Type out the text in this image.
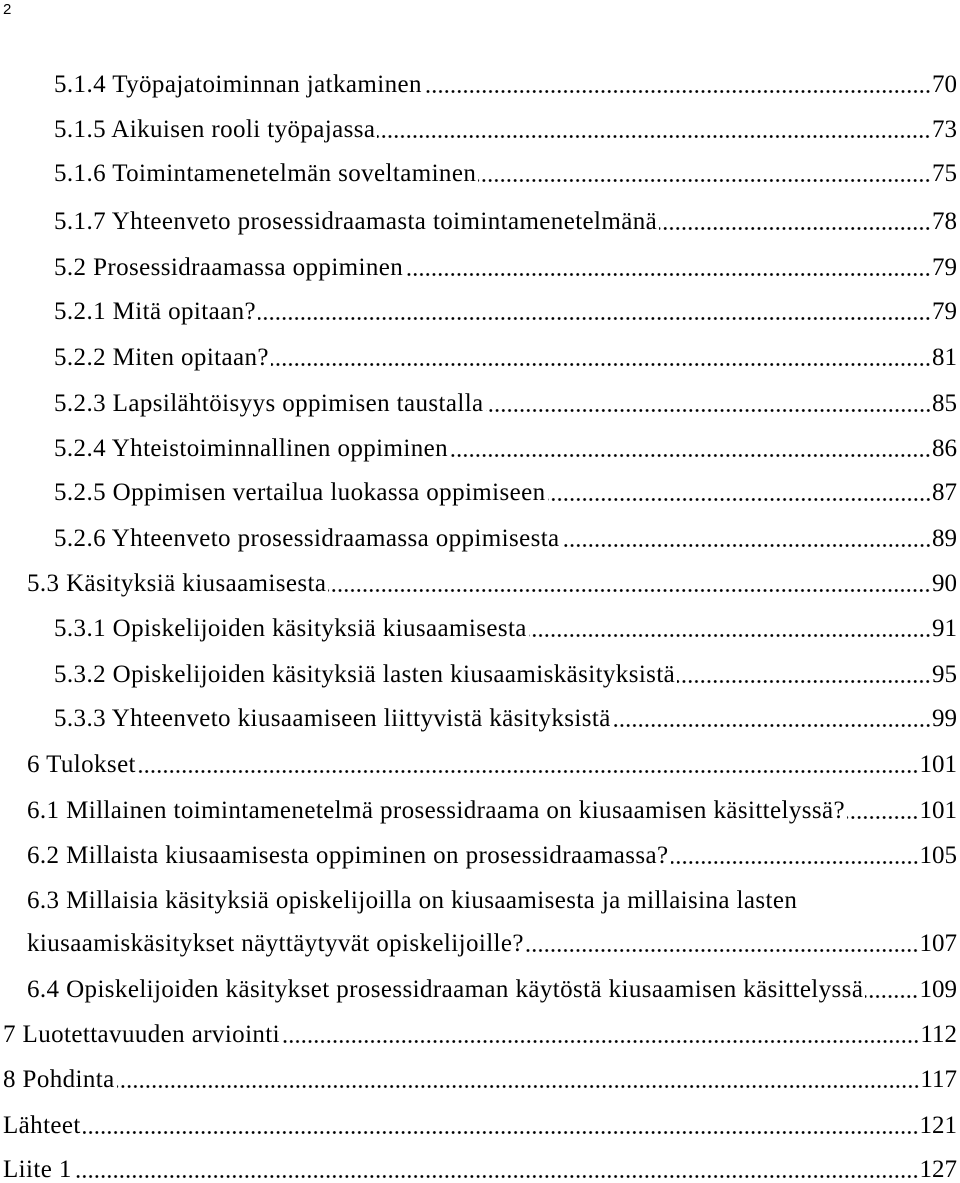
2
5.1.4 Työpajatoiminnan jatkaminen	70
5.1.5 Aikuisen rooli työpajassa	73
5.1.6 Toimintamenetelmän soveltaminen	75
5.1.7 Yhteenveto prosessidraamasta toimintamenetelmänä	78
5.2 Prosessidraamassa oppiminen	79
5.2.1 Mitä opitaan?	79
5.2.2 Miten opitaan?	81
5.2.3 Lapsilähtöisyys oppimisen taustalla	85
5.2.4 Yhteistoiminnallinen oppiminen	86
5.2.5 Oppimisen vertailua luokassa oppimiseen	87
5.2.6 Yhteenveto prosessidraamassa oppimisesta	89
5.3 Käsityksiä kiusaamisesta	90
5.3.1 Opiskelijoiden käsityksiä kiusaamisesta	91
5.3.2 Opiskelijoiden käsityksiä lasten kiusaamiskäsityksistä	95
5.3.3 Yhteenveto kiusaamiseen liittyvistä käsityksistä	99
6 Tulokset	101
6.1 Millainen toimintamenetelmä prosessidraama on kiusaamisen käsittelyssä?	101
6.2 Millaista kiusaamisesta oppiminen on prosessidraamassa?	105
6.3 Millaisia käsityksiä opiskelijoilla on kiusaamisesta ja millaisina lasten
kiusaamiskäsitykset näyttäytyvät opiskelijoille?	107
6.4 Opiskelijoiden käsitykset prosessidraaman käytöstä kiusaamisen käsittelyssä 109
7 Luotettavuuden arviointi	112
8 Pohdinta	117
Lähteet	121
Liite 1	127
